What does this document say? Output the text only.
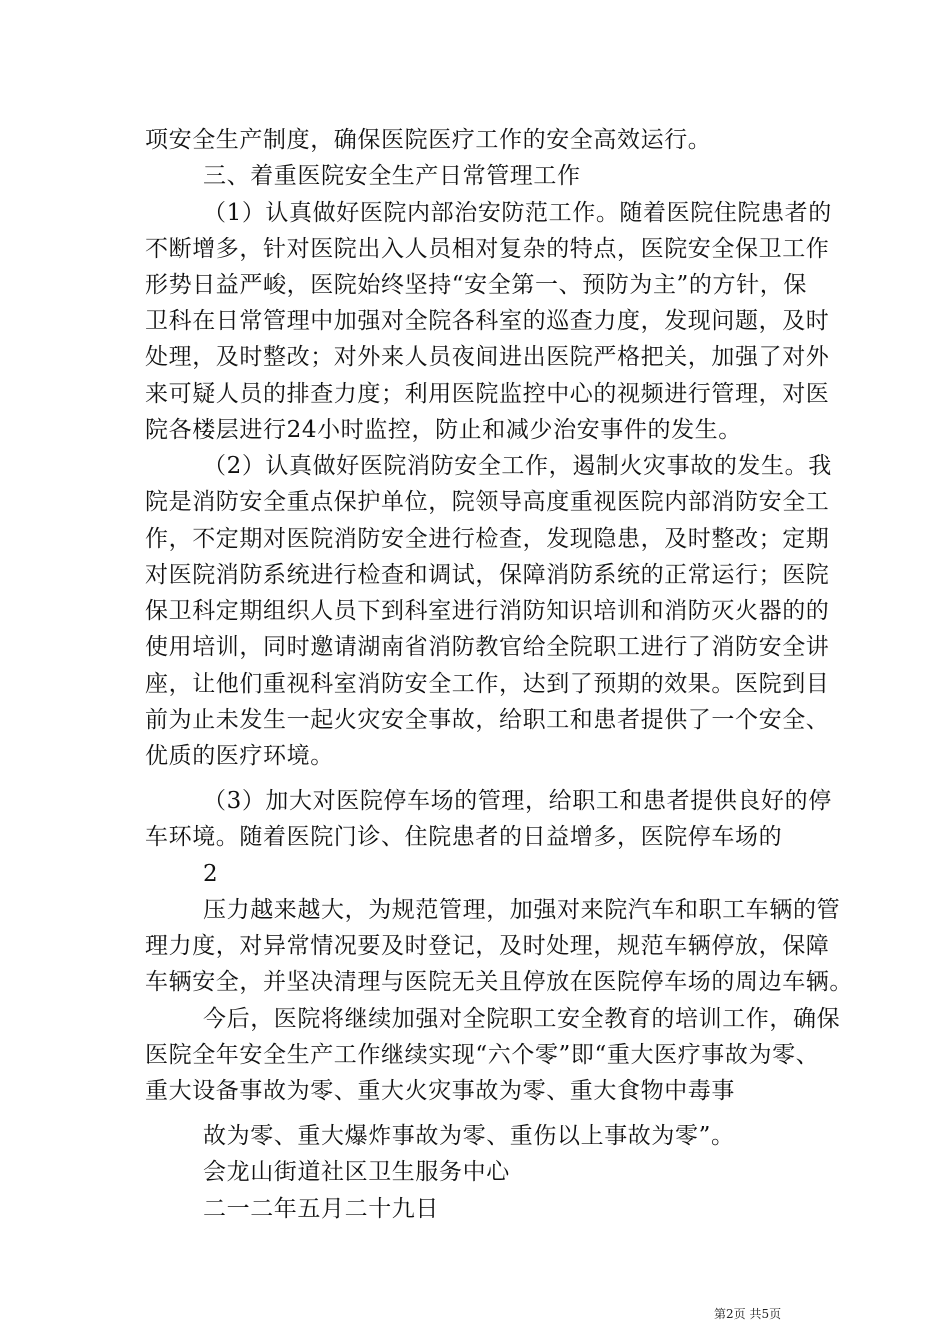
项安全生产制度，确保医院医疗工作的安全高效运行。
三、着重医院安全生产日常管理工作
（1）认真做好医院内部治安防范工作。随着医院住院患者的
不断增多，针对医院出入人员相对复杂的特点，医院安全保卫工作
形势日益严峻，医院始终坚持“安全第一、预防为主”的方针，保
卫科在日常管理中加强对全院各科室的巡查力度，发现问题，及时
处理，及时整改；对外来人员夜间进出医院严格把关，加强了对外
来可疑人员的排查力度；利用医院监控中心的视频进行管理，对医
院各楼层进行24小时监控，防止和减少治安事件的发生。
（2）认真做好医院消防安全工作，遏制火灾事故的发生。我
院是消防安全重点保护单位，院领导高度重视医院内部消防安全工
作，不定期对医院消防安全进行检查，发现隐患，及时整改；定期
对医院消防系统进行检查和调试，保障消防系统的正常运行；医院
保卫科定期组织人员下到科室进行消防知识培训和消防灭火器的的
使用培训，同时邀请湖南省消防教官给全院职工进行了消防安全讲
座，让他们重视科室消防安全工作，达到了预期的效果。医院到目
前为止未发生一起火灾安全事故，给职工和患者提供了一个安全、
优质的医疗环境。
（3）加大对医院停车场的管理，给职工和患者提供良好的停
车环境。随着医院门诊、住院患者的日益增多，医院停车场的
2
压力越来越大，为规范管理，加强对来院汽车和职工车辆的管
理力度，对异常情况要及时登记，及时处理，规范车辆停放，保障
车辆安全，并坚决清理与医院无关且停放在医院停车场的周边车辆。
今后，医院将继续加强对全院职工安全教育的培训工作，确保
医院全年安全生产工作继续实现“六个零”即“重大医疗事故为零、
重大设备事故为零、重大火灾事故为零、重大食物中毒事
故为零、重大爆炸事故为零、重伤以上事故为零”。
会龙山街道社区卫生服务中心
二一二年五月二十九日
第2页 共5页
